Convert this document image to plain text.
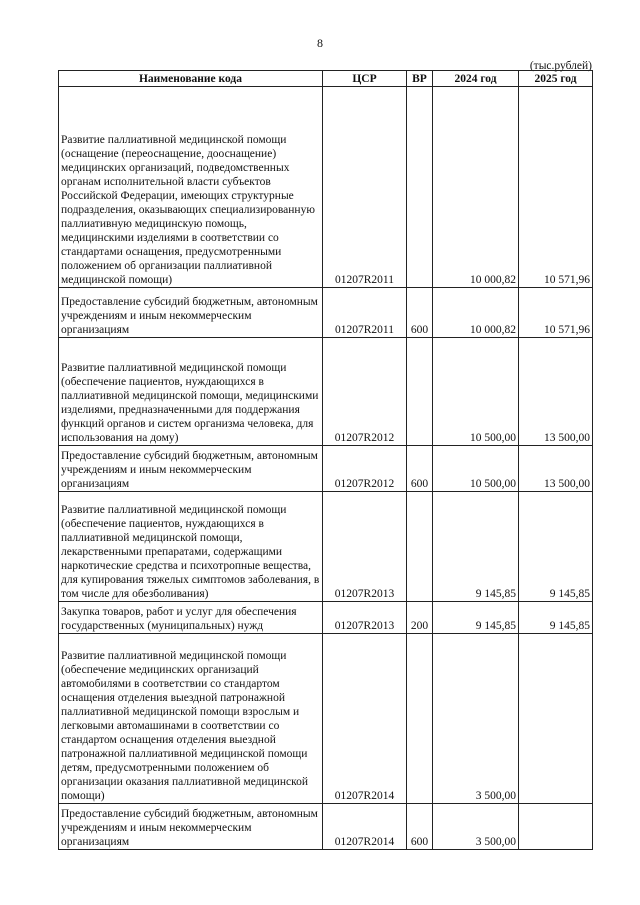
8
(тыс.рублей)
Наименование кода	ЦСР	ВР	2024 год	2025 год
Развитие паллиативной медицинской помощи (оснащение (переоснащение, дооснащение) медицинских организаций, подведомственных органам исполнительной власти субъектов Российской Федерации, имеющих структурные подразделения, оказывающих специализированную паллиативную медицинскую помощь, медицинскими изделиями в соответствии со стандартами оснащения, предусмотренными положением об организации паллиативной медицинской помощи)	01207R2011		10 000,82	10 571,96
Предоставление субсидий бюджетным, автономным учреждениям и иным некоммерческим организациям	01207R2011	600	10 000,82	10 571,96
Развитие паллиативной медицинской помощи (обеспечение пациентов, нуждающихся в паллиативной медицинской помощи, медицинскими изделиями, предназначенными для поддержания функций органов и систем организма человека, для использования на дому)	01207R2012		10 500,00	13 500,00
Предоставление субсидий бюджетным, автономным учреждениям и иным некоммерческим организациям	01207R2012	600	10 500,00	13 500,00
Развитие паллиативной медицинской помощи (обеспечение пациентов, нуждающихся в паллиативной медицинской помощи, лекарственными препаратами, содержащими наркотические средства и психотропные вещества, для купирования тяжелых симптомов заболевания, в том числе для обезболивания)	01207R2013		9 145,85	9 145,85
Закупка товаров, работ и услуг для обеспечения государственных (муниципальных) нужд	01207R2013	200	9 145,85	9 145,85
Развитие паллиативной медицинской помощи (обеспечение медицинских организаций автомобилями в соответствии со стандартом оснащения отделения выездной патронажной паллиативной медицинской помощи взрослым и легковыми автомашинами в соответствии со стандартом оснащения отделения выездной патронажной паллиативной медицинской помощи детям, предусмотренными положением об организации оказания паллиативной медицинской помощи)	01207R2014		3 500,00	
Предоставление субсидий бюджетным, автономным учреждениям и иным некоммерческим организациям	01207R2014	600	3 500,00	
